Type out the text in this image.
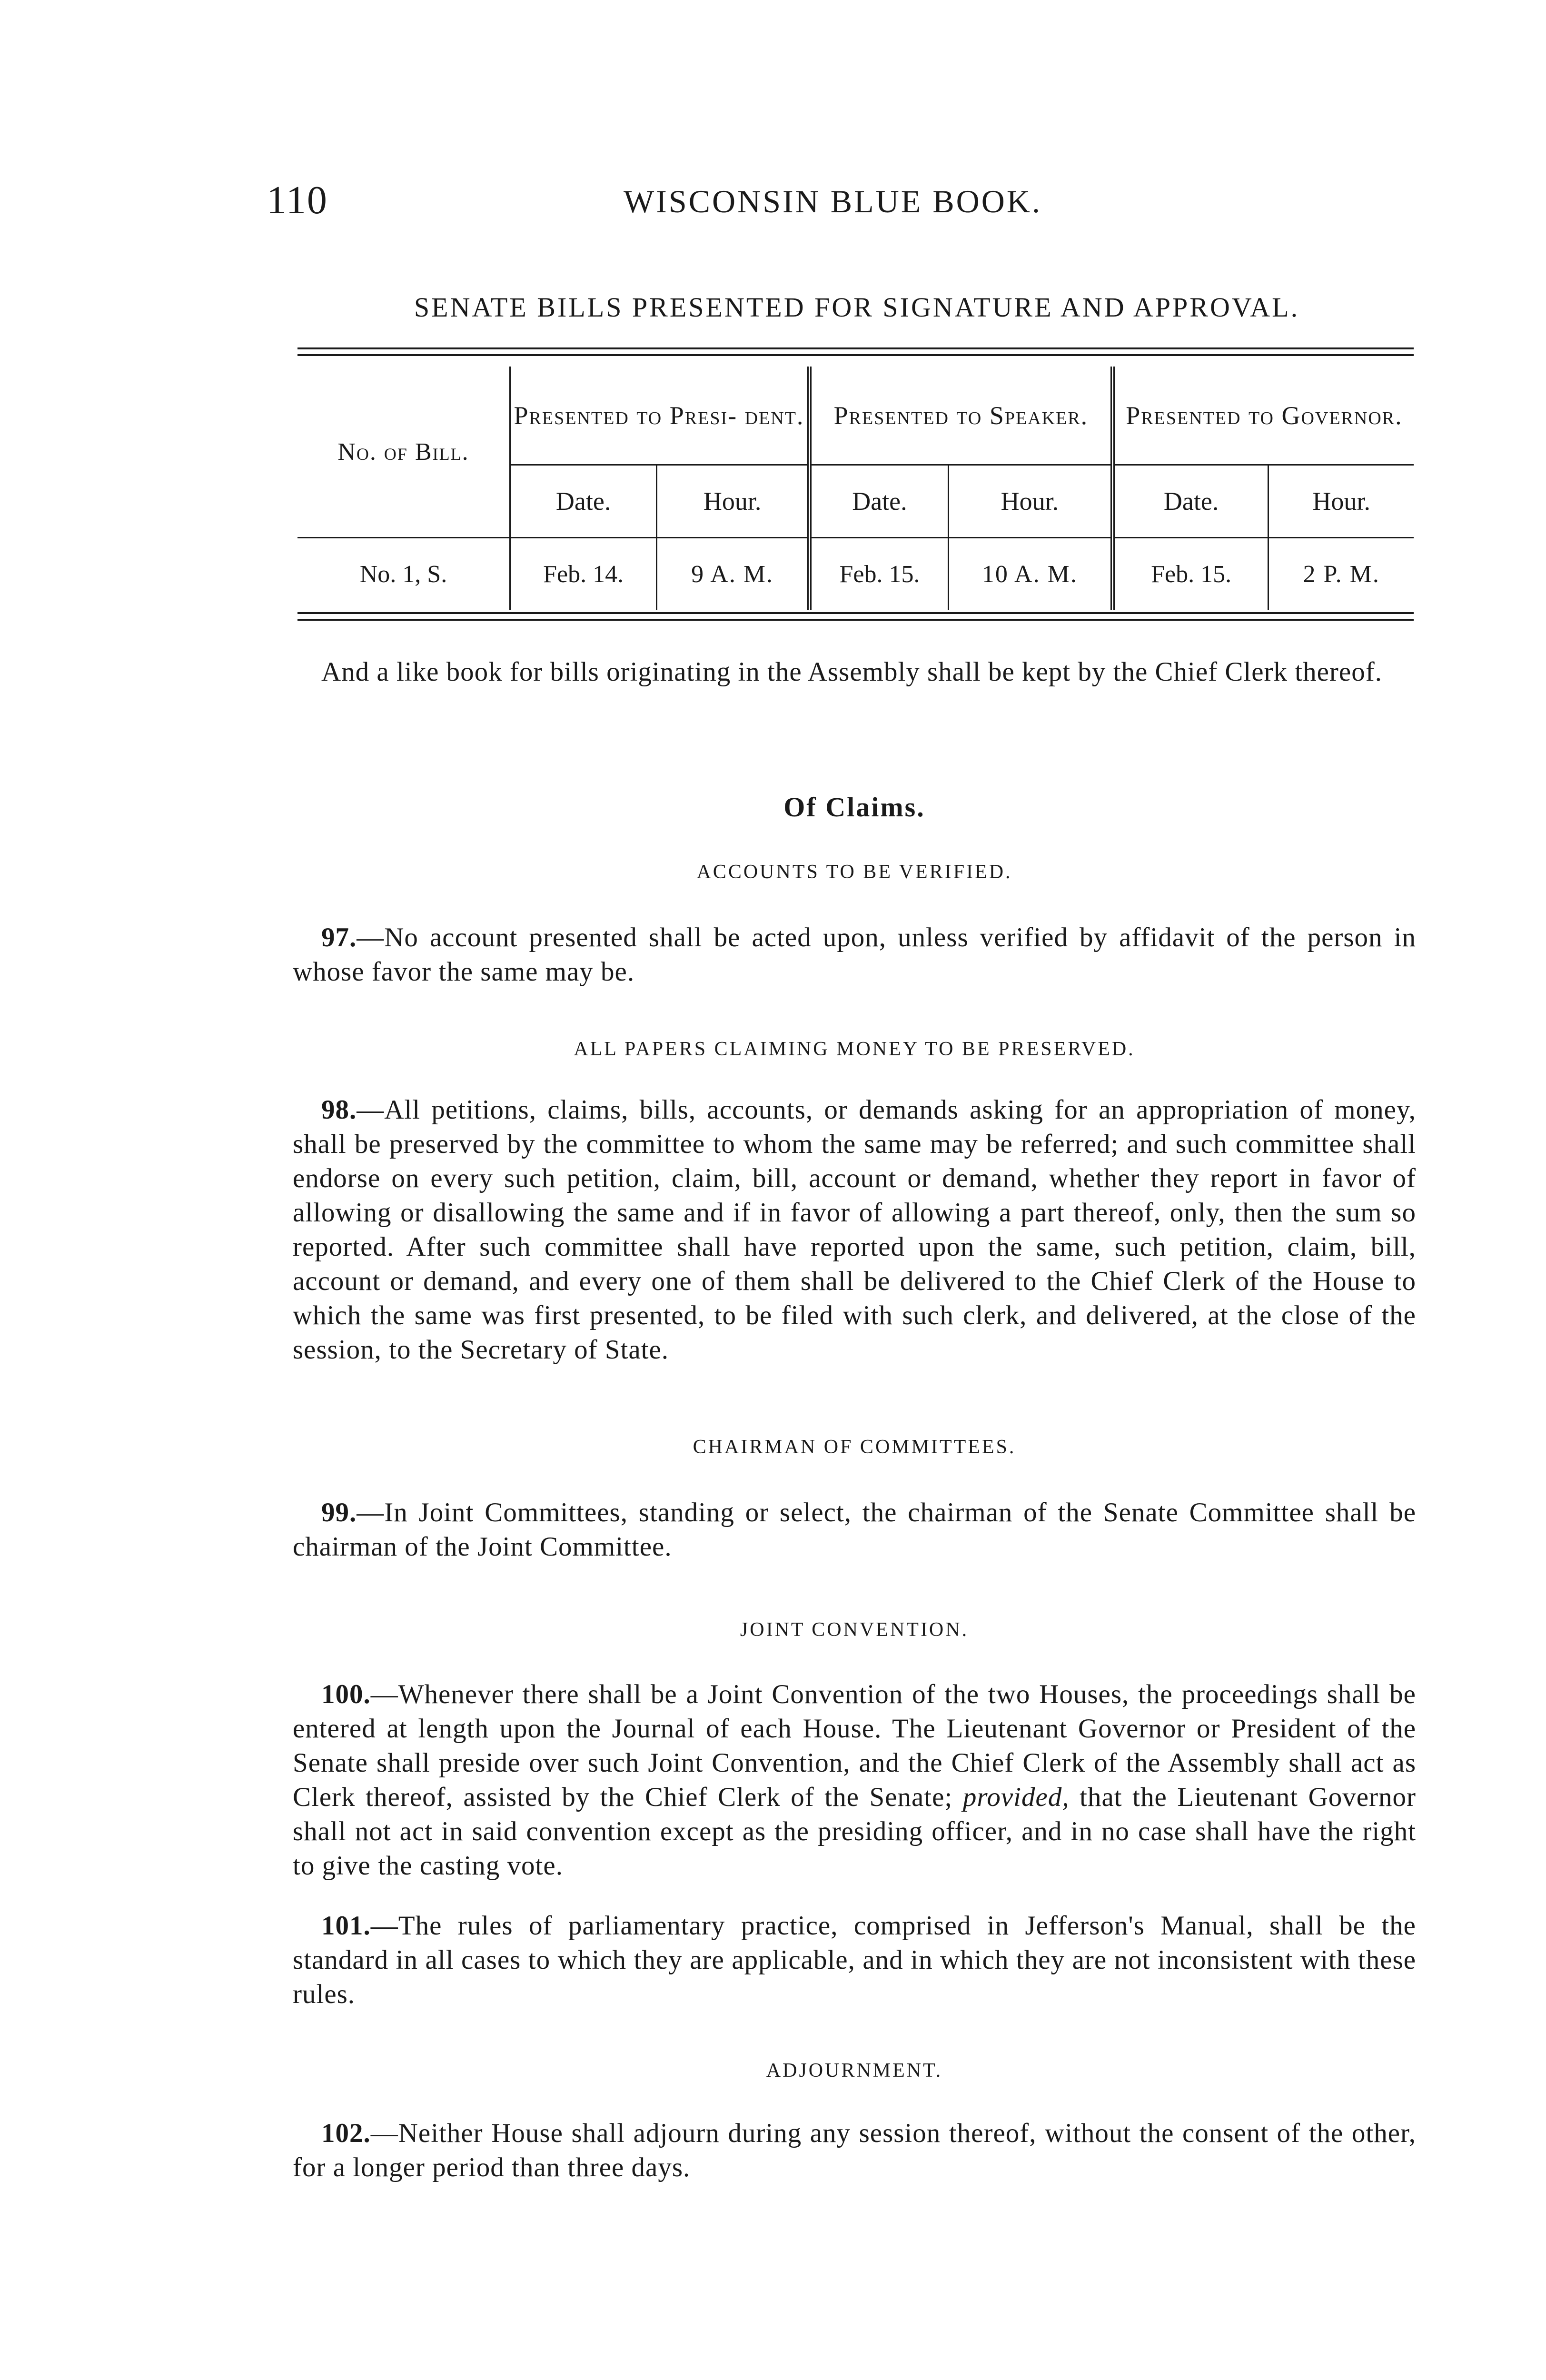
110	WISCONSIN BLUE BOOK.
SENATE BILLS PRESENTED FOR SIGNATURE AND APPROVAL.
No. of Bill.	Presented to Presi- dent.		Presented to Speaker.		Presented to Governor.	
	Date.	Hour.	Date.	Hour.	Date.	Hour.
No. 1, S.	Feb. 14.	9 A. M.	Feb. 15.	10 A. M.	Feb. 15.	2 P. M.
And a like book for bills originating in the Assembly shall be kept by the Chief Clerk thereof.
Of Claims.
ACCOUNTS TO BE VERIFIED.
97.—No account presented shall be acted upon, unless verified by affidavit of the person in whose favor the same may be.
ALL PAPERS CLAIMING MONEY TO BE PRESERVED.
98.—All petitions, claims, bills, accounts, or demands asking for an appropriation of money, shall be preserved by the committee to whom the same may be referred; and such committee shall endorse on every such petition, claim, bill, account or demand, whether they report in favor of allowing or disallowing the same and if in favor of allowing a part thereof, only, then the sum so reported. After such committee shall have reported upon the same, such petition, claim, bill, account or demand, and every one of them shall be delivered to the Chief Clerk of the House to which the same was first presented, to be filed with such clerk, and delivered, at the close of the session, to the Secretary of State.
CHAIRMAN OF COMMITTEES.
99.—In Joint Committees, standing or select, the chairman of the Senate Committee shall be chairman of the Joint Committee.
JOINT CONVENTION.
100.—Whenever there shall be a Joint Convention of the two Houses, the proceedings shall be entered at length upon the Journal of each House. The Lieutenant Governor or President of the Senate shall preside over such Joint Convention, and the Chief Clerk of the Assembly shall act as Clerk thereof, assisted by the Chief Clerk of the Senate; provided, that the Lieutenant Governor shall not act in said convention except as the presiding officer, and in no case shall have the right to give the casting vote.
101.—The rules of parliamentary practice, comprised in Jefferson's Manual, shall be the standard in all cases to which they are applicable, and in which they are not inconsistent with these rules.
ADJOURNMENT.
102.—Neither House shall adjourn during any session thereof, without the consent of the other, for a longer period than three days.
